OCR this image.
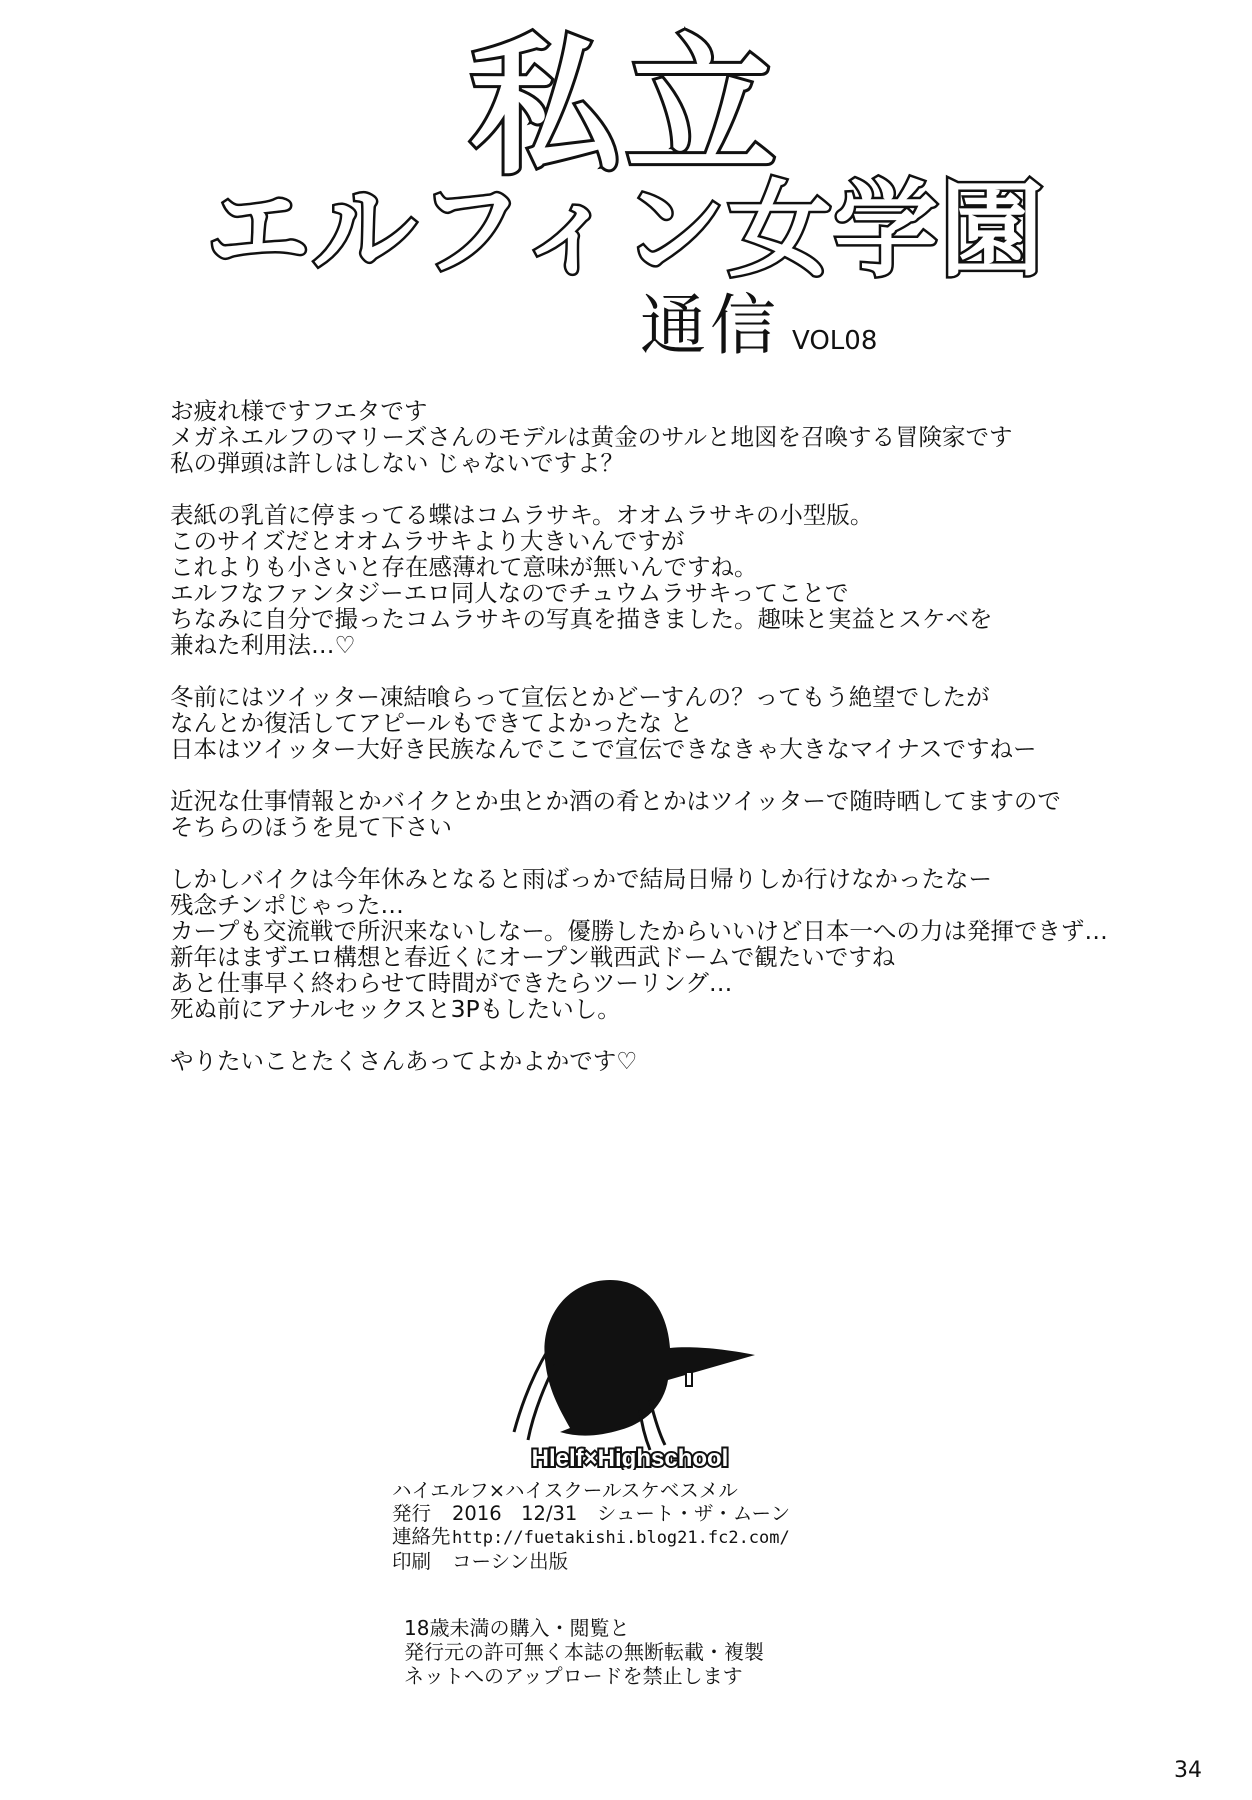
私立
エルフィン女学園
通信 VOL08

お疲れ様ですフエタです
メガネエルフのマリーズさんのモデルは黄金のサルと地図を召喚する冒険家です
私の弾頭は許しはしない じゃないですよ？

表紙の乳首に停まってる蝶はコムラサキ。オオムラサキの小型版。
このサイズだとオオムラサキより大きいんですが
これよりも小さいと存在感薄れて意味が無いんですね。
エルフなファンタジーエロ同人なのでチュウムラサキってことで
ちなみに自分で撮ったコムラサキの写真を描きました。趣味と実益とスケベを
兼ねた利用法…♡

冬前にはツイッター凍結喰らって宣伝とかどーすんの？ってもう絶望でしたが
なんとか復活してアピールもできてよかったな と
日本はツイッター大好き民族なんでここで宣伝できなきゃ大きなマイナスですねー

近況な仕事情報とかバイクとか虫とか酒の肴とかはツイッターで随時晒してますので
そちらのほうを見て下さい

しかしバイクは今年休みとなると雨ばっかで結局日帰りしか行けなかったなー
残念チンポじゃった…
カープも交流戦で所沢来ないしなー。優勝したからいいけど日本一への力は発揮できず…
新年はまずエロ構想と春近くにオープン戦西武ドームで観たいですね
あと仕事早く終わらせて時間ができたらツーリング…
死ぬ前にアナルセックスと3Pもしたいし。

やりたいことたくさんあってよかよかです♡

Hlelf×Highschool
ハイエルフ×ハイスクールスケベスメル
発行 2016　12/31　シュート・ザ・ムーン
連絡先http://fuetakishi.blog21.fc2.com/
印刷 コーシン出版
18歳未満の購入・閲覧と
発行元の許可無く本誌の無断転載・複製
ネットへのアップロードを禁止します
34
